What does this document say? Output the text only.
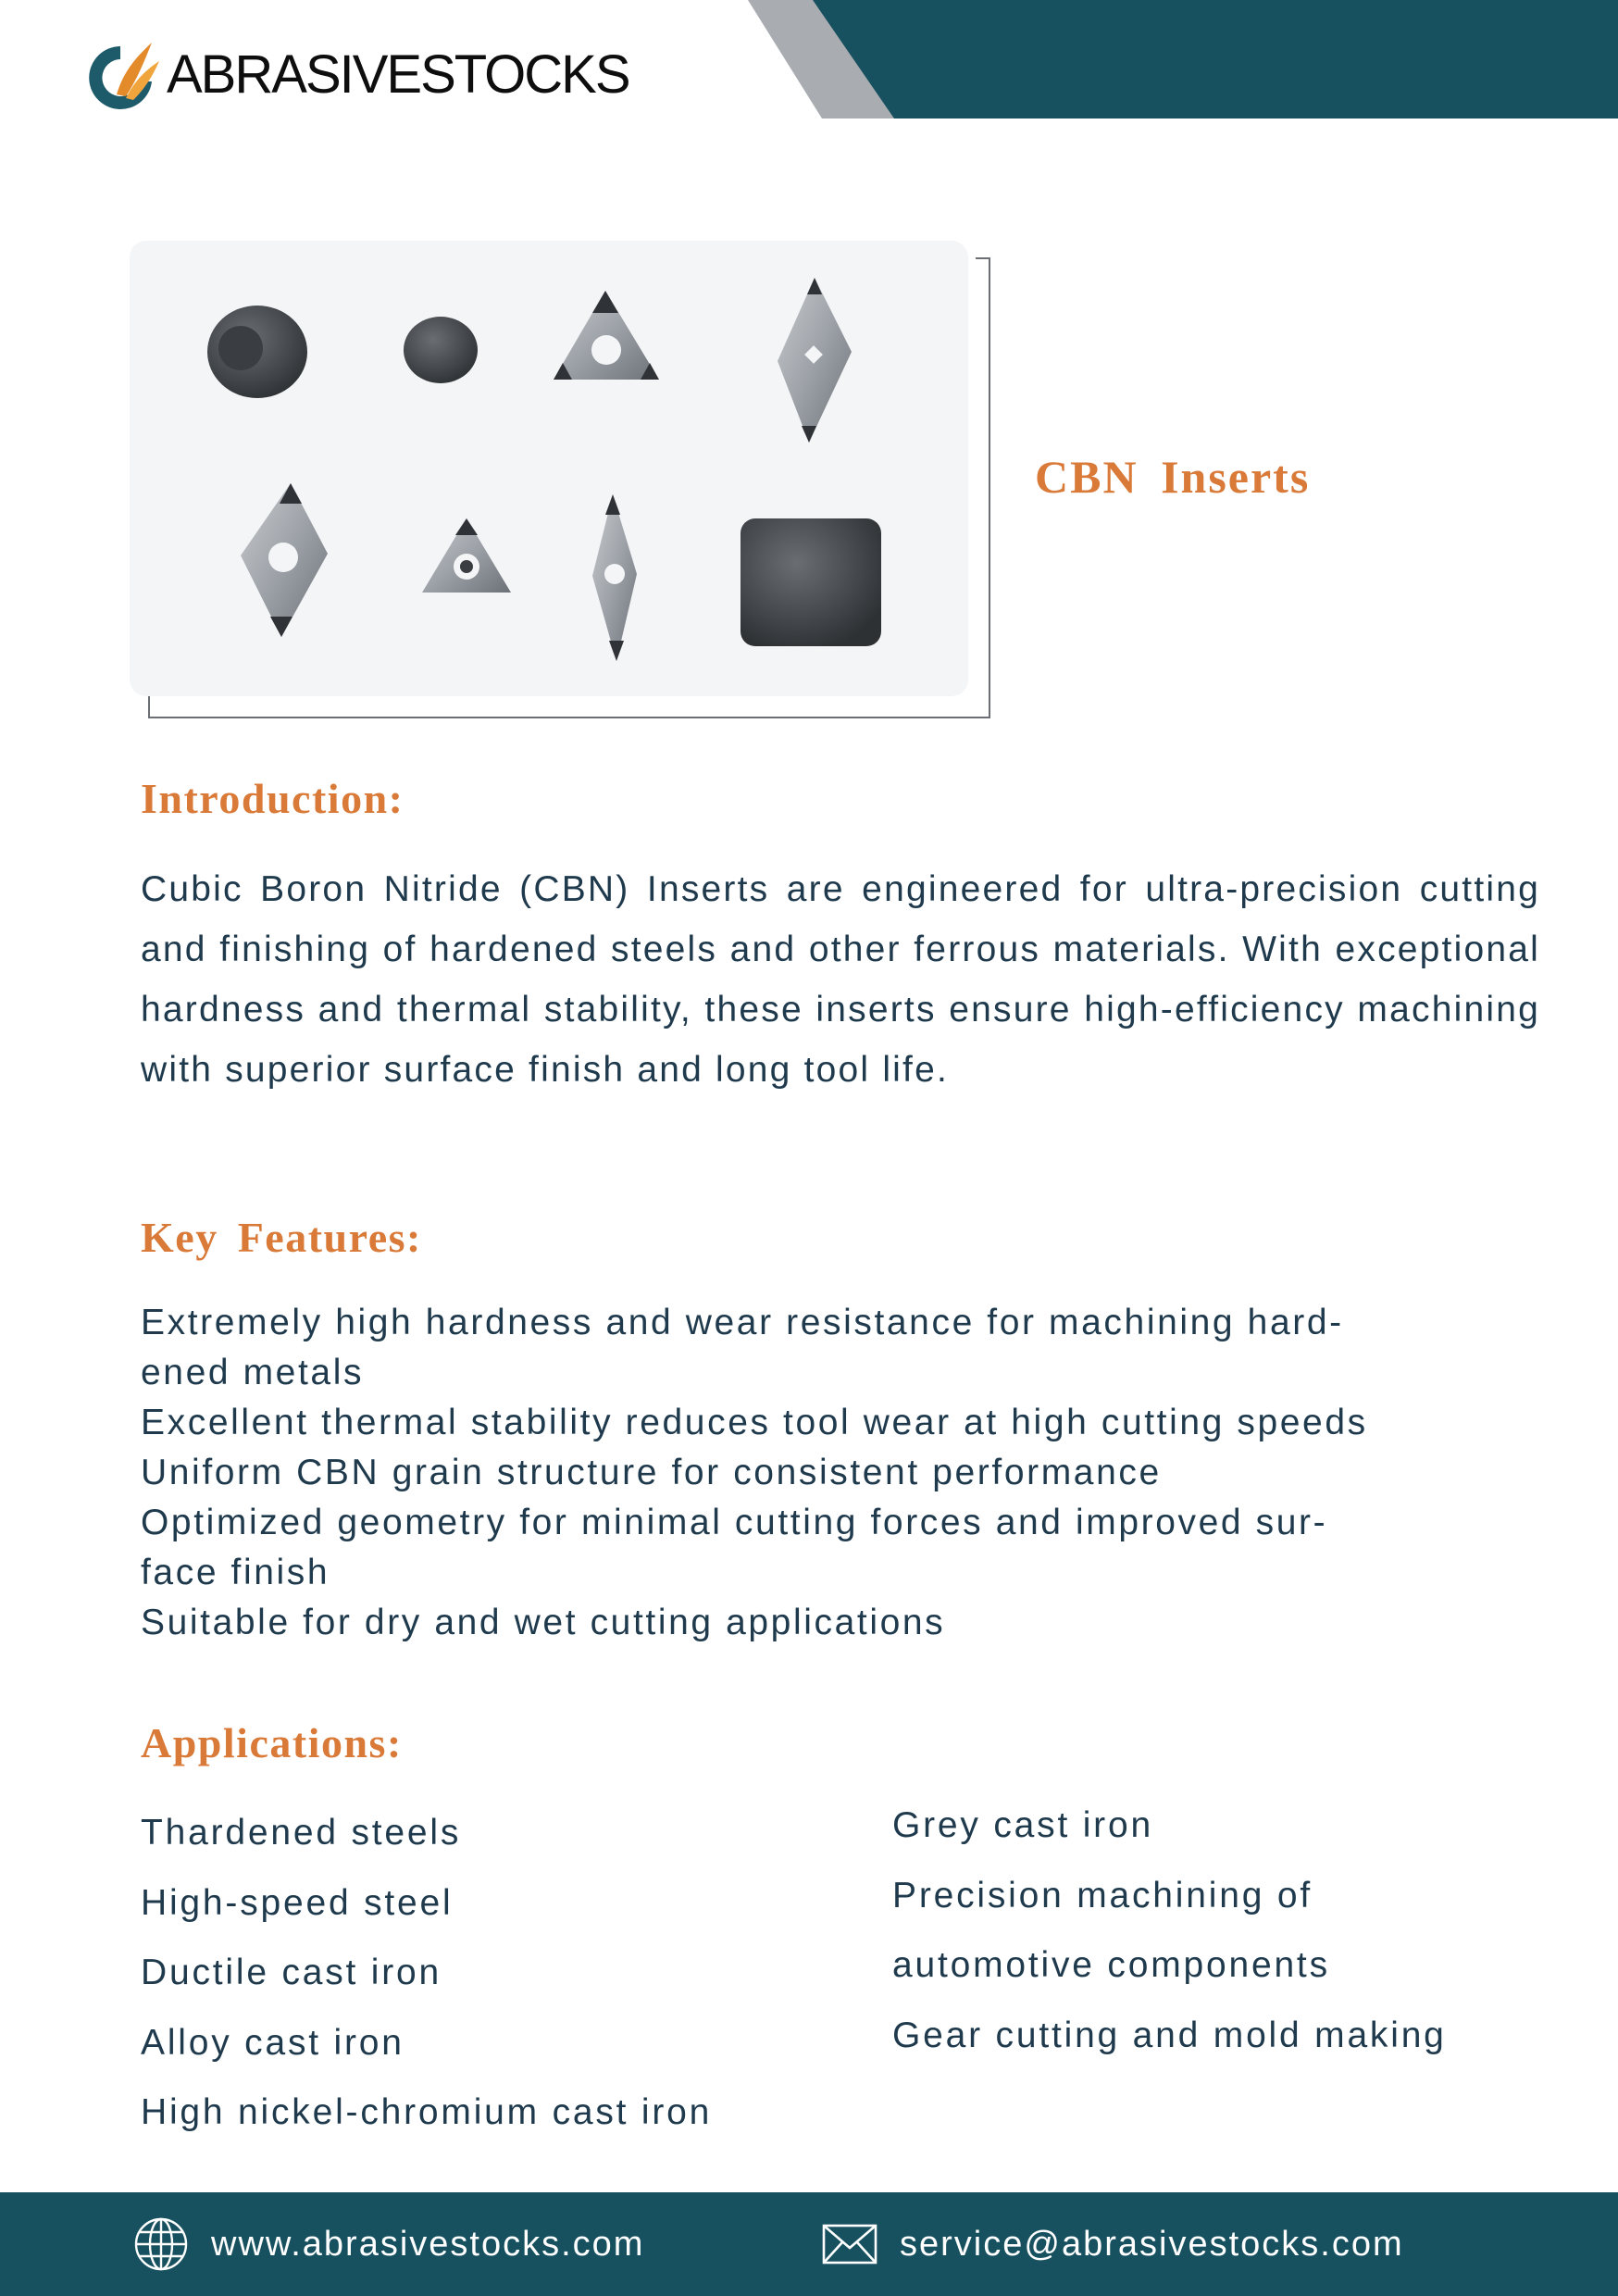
ABRASIVESTOCKS
CBN Inserts
Introduction:

Cubic Boron Nitride (CBN) Inserts are engineered for ultra-precision cutting and finishing of hardened steels and other ferrous materials. With exceptional hardness and thermal stability, these inserts ensure high-efficiency machining with superior surface finish and long tool life.

Key Features:
Extremely high hardness and wear resistance for machining hard-
ened metals
Excellent thermal stability reduces tool wear at high cutting speeds
Uniform CBN grain structure for consistent performance
Optimized geometry for minimal cutting forces and improved sur-
face finish
Suitable for dry and wet cutting applications
Applications:
Thardened steels
High-speed steel
Ductile cast iron
Alloy cast iron
High nickel-chromium cast iron
Grey cast iron
Precision machining of
automotive components
Gear cutting and mold making
www.abrasivestocks.com	service@abrasivestocks.com
